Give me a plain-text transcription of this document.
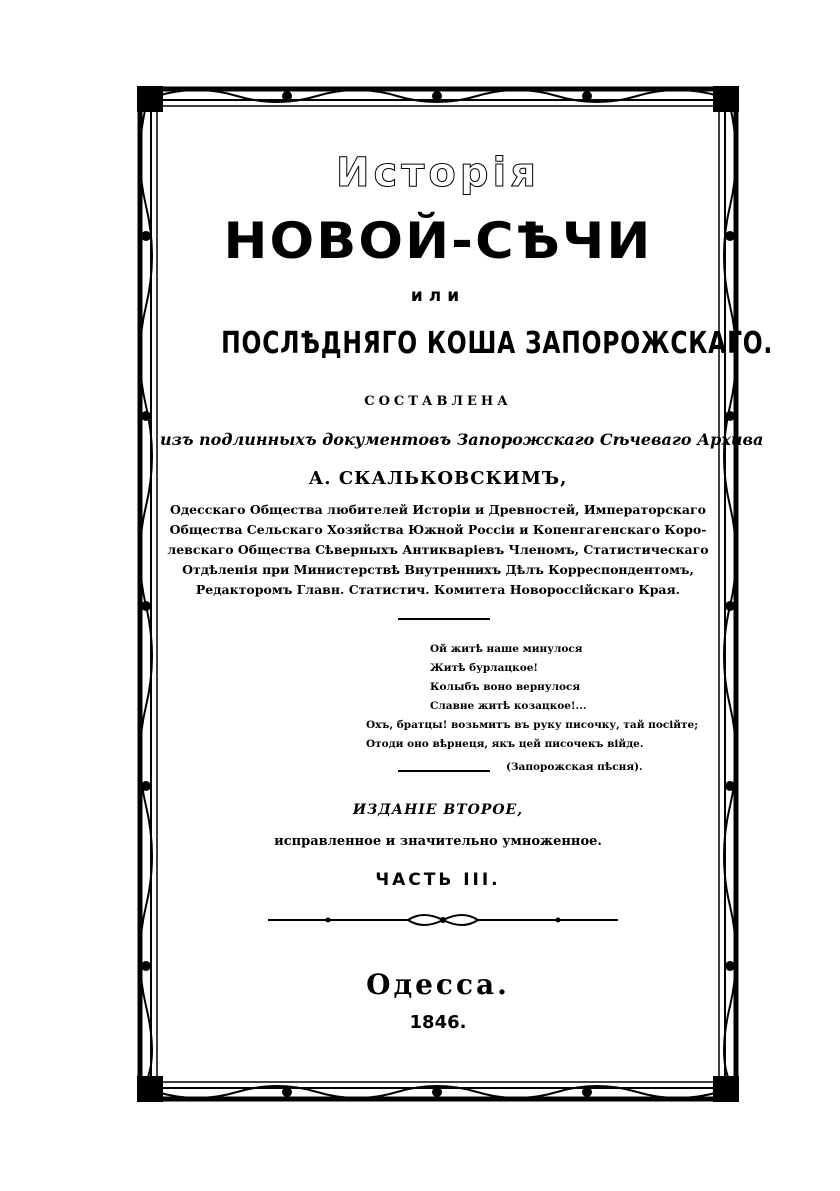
Исторія
НОВОЙ-СѢЧИ
или
ПОСЛѢДНЯГО КОША ЗАПОРОЖСКАГО.
СОСТАВЛЕНА
изъ подлинныхъ документовъ Запорожскаго Сѣчеваго Архива
А. СКАЛЬКОВСКИМЪ,
Одесскаго Общества любителей Исторіи и Древностей, Императорскаго
Общества Сельскаго Хозяйства Южной Россіи и Копенгагенскаго Коро-
левскаго Общества Сѣверныхъ Антикваріевъ Членомъ, Статистическаго
Отдѣленія при Министерствѣ Внутреннихъ Дѣлъ Корреспондентомъ,
Редакторомъ Главн. Статистич. Комитета Новороссійскаго Края.
Ой житѣ наше минулося
Житѣ бурлацкое!
Колыбъ воно вернулося
Славне житѣ козацкое!...
Охъ, братцы! возьмитъ въ руку писочку, тай посійте;
Отоди оно вѣрнеця, якъ цей писочекъ війде.
(Запорожская пѣсня).
ИЗДАНІЕ ВТОРОЕ,
исправленное и значительно умноженное.
ЧАСТЬ III.
Одесса.
1846.
